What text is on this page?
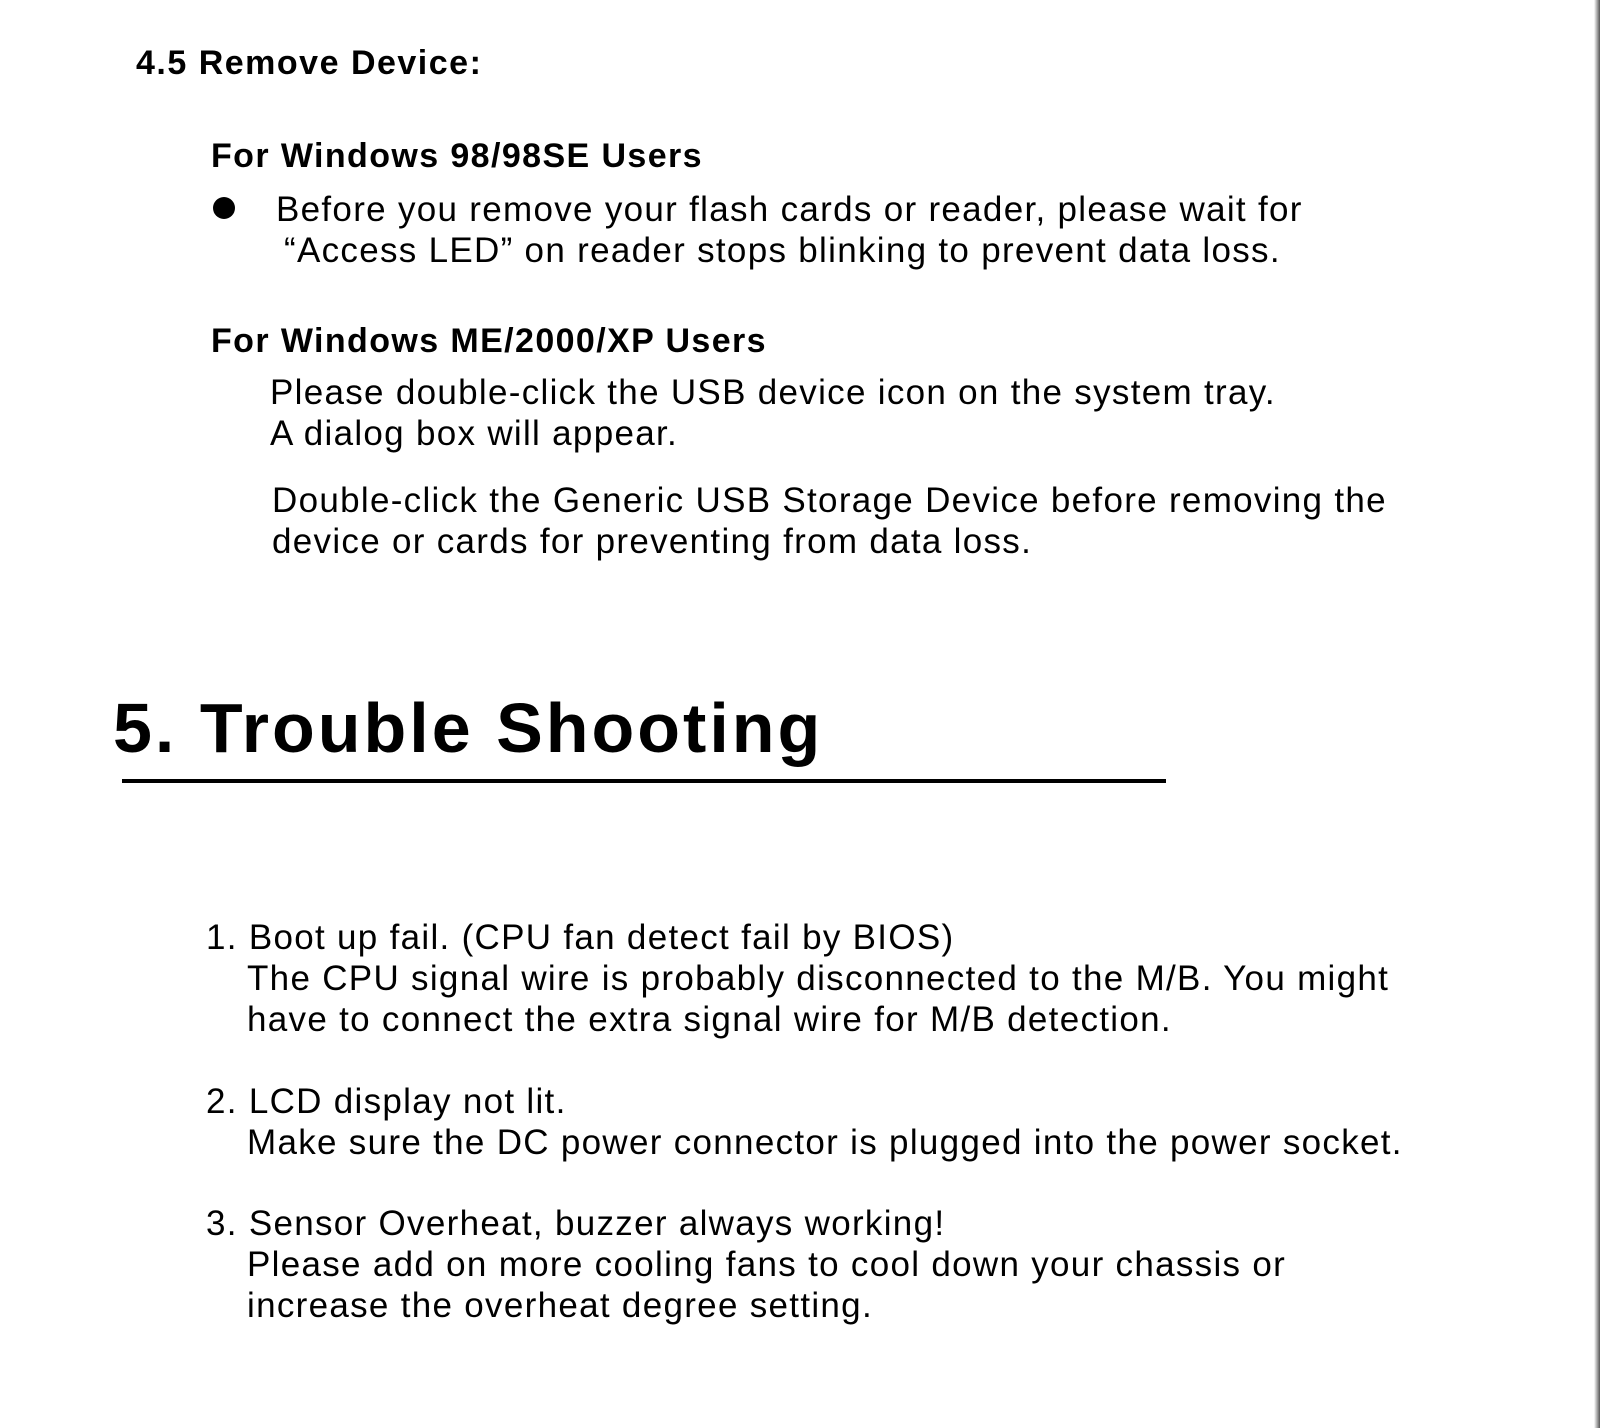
4.5 Remove Device:
For Windows 98/98SE Users
Before you remove your flash cards or reader, please wait for
“Access LED” on reader stops blinking to prevent data loss.
For Windows ME/2000/XP Users
Please double-click the USB device icon on the system tray.
A dialog box will appear.
Double-click the Generic USB Storage Device before removing the
device or cards for preventing from data loss.
5. Trouble Shooting
1. Boot up fail. (CPU fan detect fail by BIOS)
The CPU signal wire is probably disconnected to the M/B. You might
have to connect the extra signal wire for M/B detection.
2. LCD display not lit.
Make sure the DC power connector is plugged into the power socket.
3. Sensor Overheat, buzzer always working!
Please add on more cooling fans to cool down your chassis or
increase the overheat degree setting.
